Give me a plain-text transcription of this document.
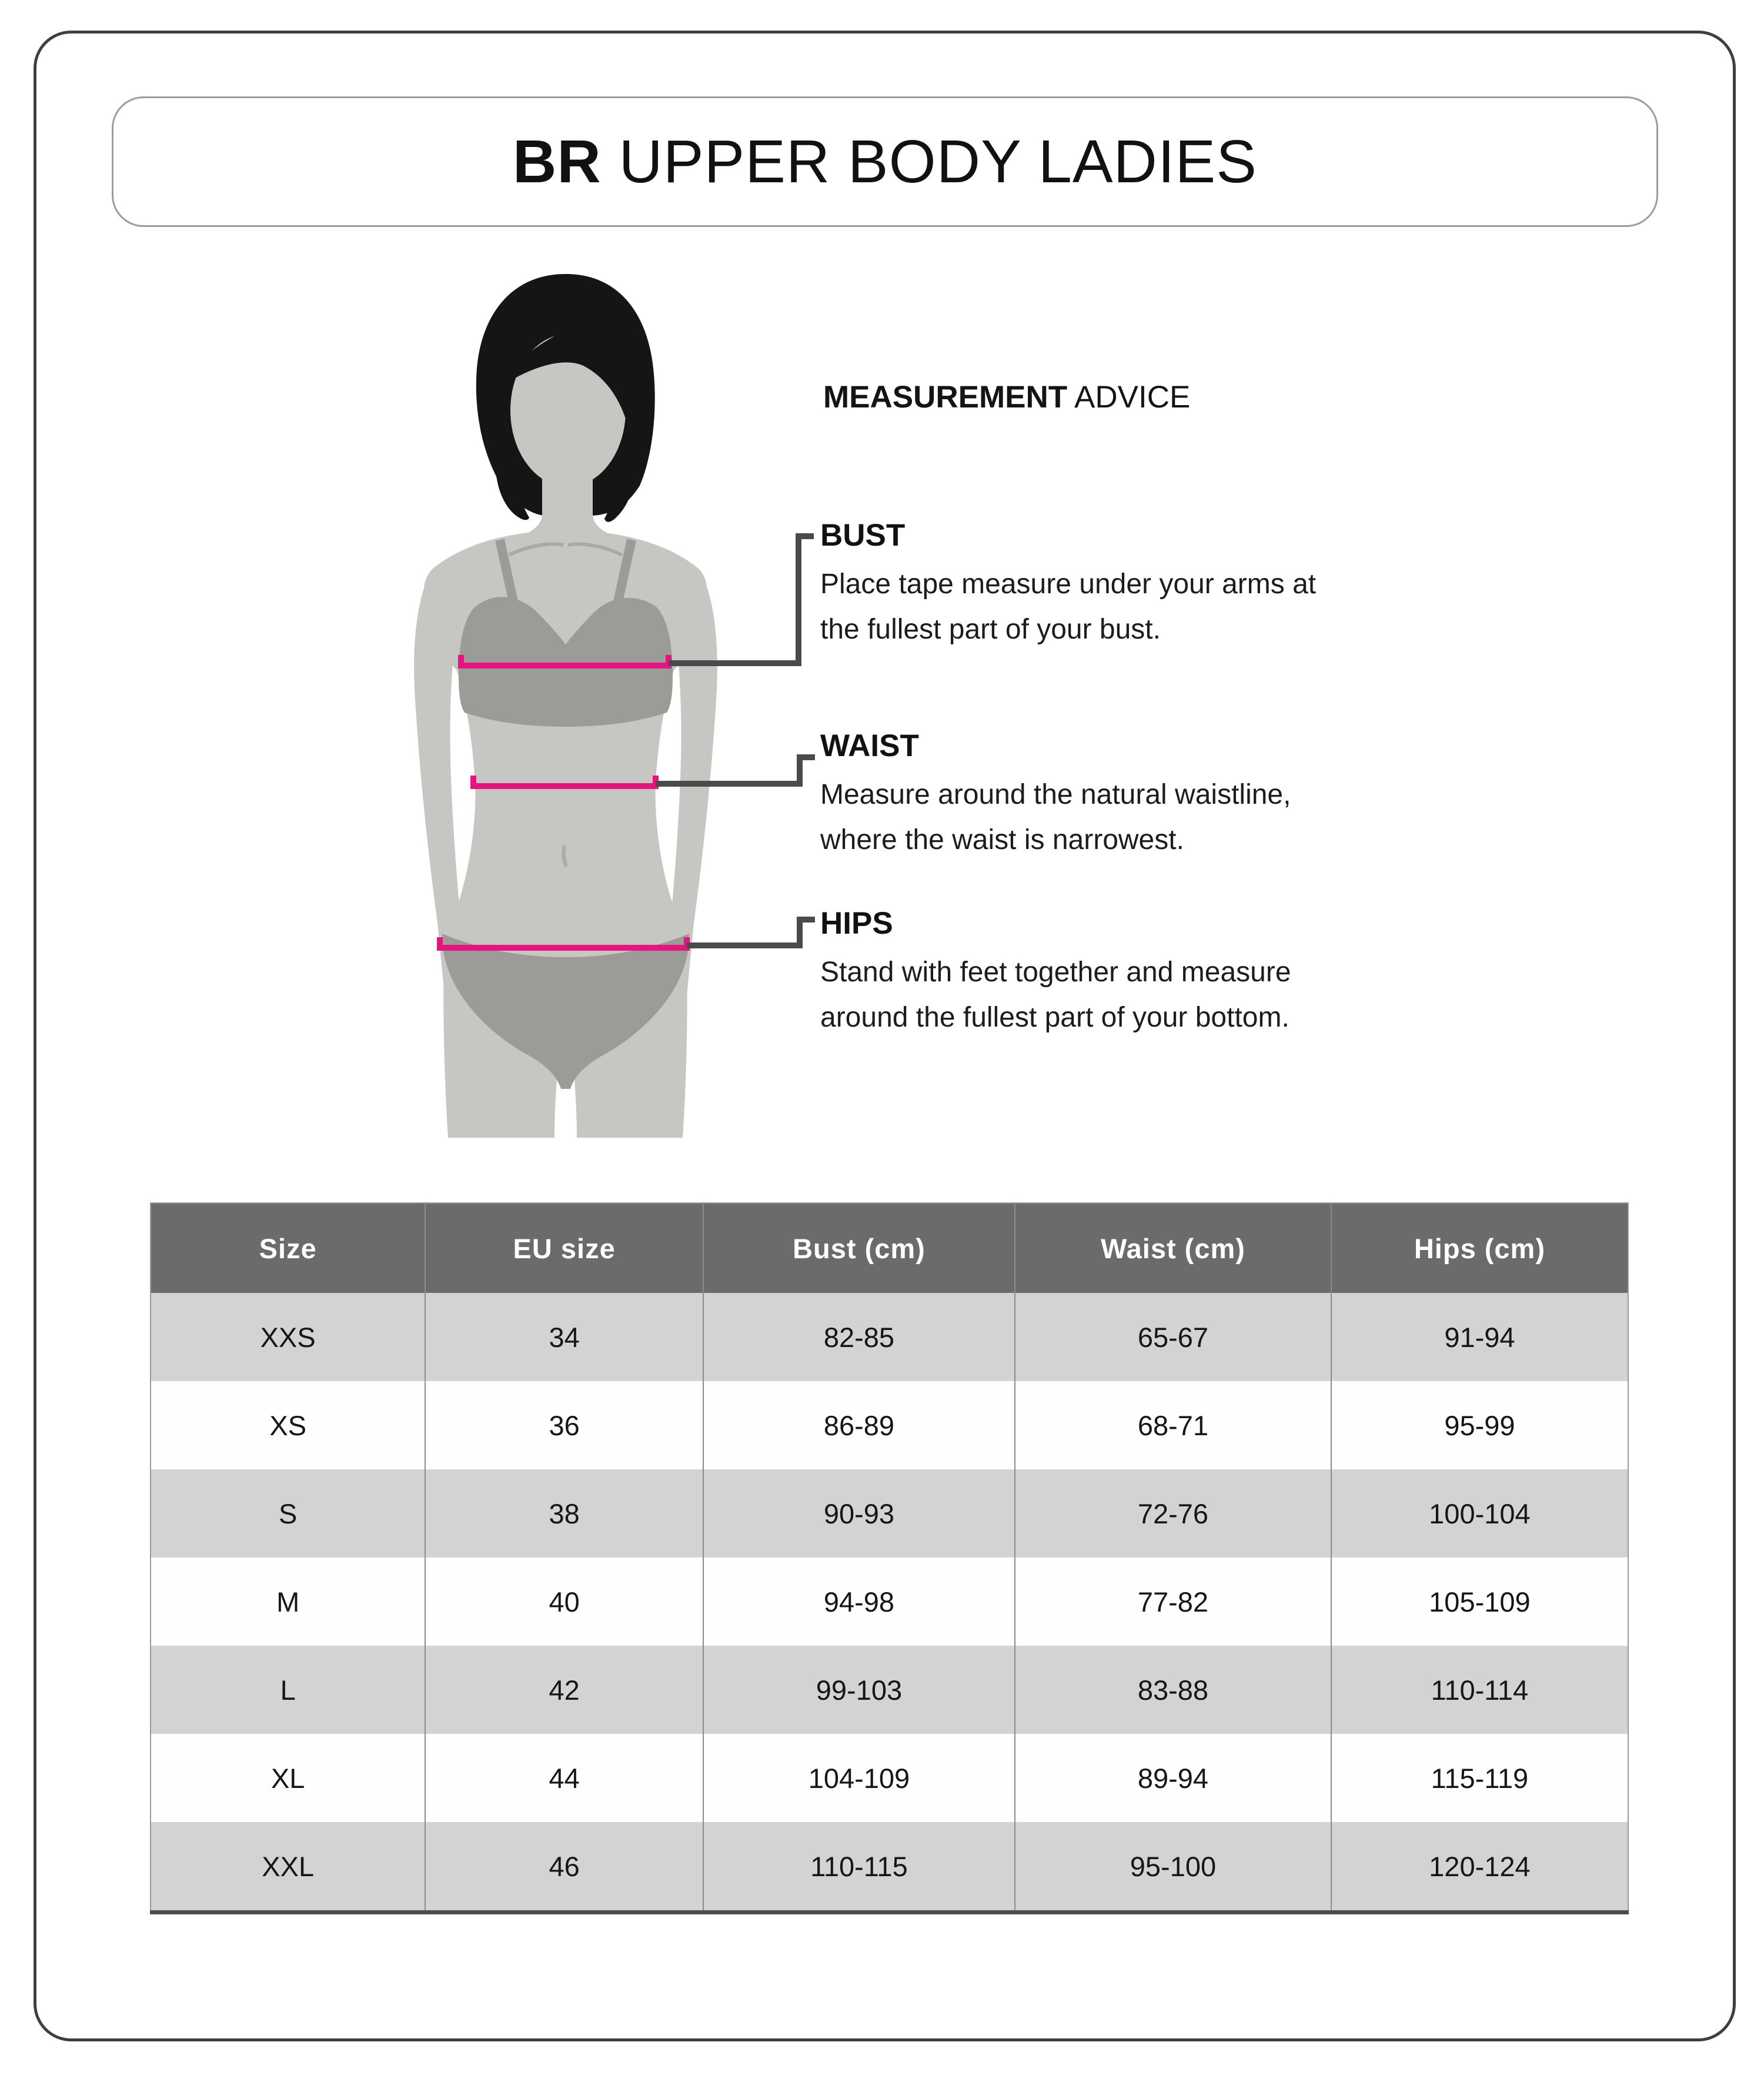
BR UPPER BODY LADIES
MEASUREMENT ADVICE
BUST
Place tape measure under your arms at
the fullest part of your bust.
WAIST
Measure around the natural waistline,
where the waist is narrowest.
HIPS
Stand with feet together and measure
around the fullest part of your bottom.
Size	EU size	Bust (cm)	Waist (cm)	Hips (cm)
XXS	34	82-85	65-67	91-94
XS	36	86-89	68-71	95-99
S	38	90-93	72-76	100-104
M	40	94-98	77-82	105-109
L	42	99-103	83-88	110-114
XL	44	104-109	89-94	115-119
XXL	46	110-115	95-100	120-124
